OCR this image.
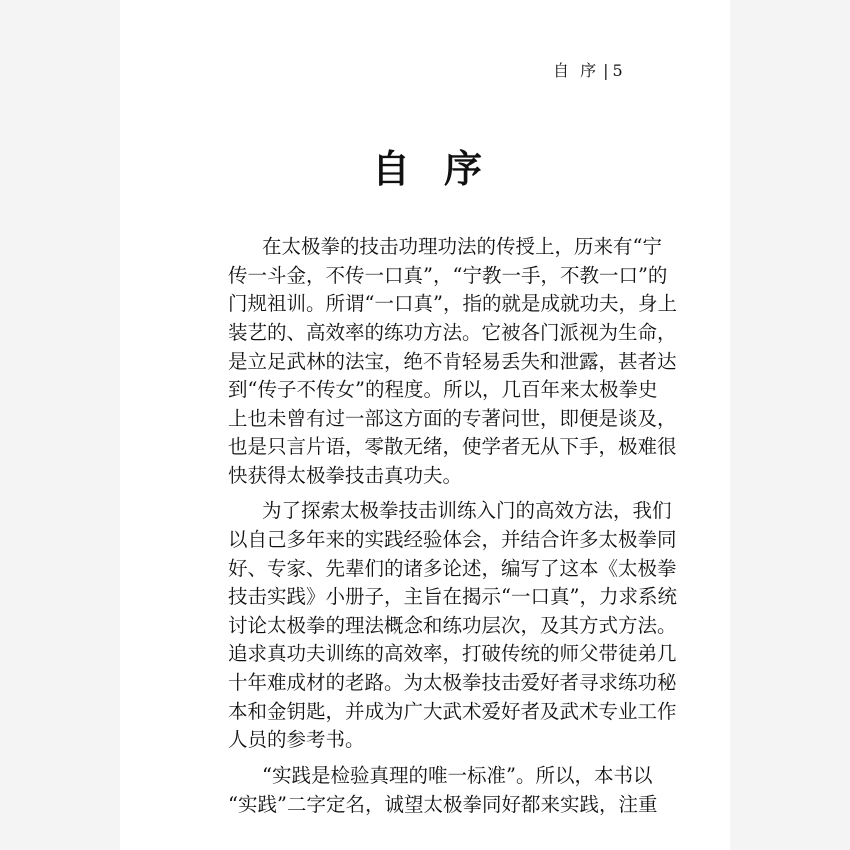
自 序 | 5
自序
在太极拳的技击功理功法的传授上，历来有“宁
传一斗金，不传一口真”，“宁教一手，不教一口”的
门规祖训。所谓“一口真”，指的就是成就功夫，身上
装艺的、高效率的练功方法。它被各门派视为生命，
是立足武林的法宝，绝不肯轻易丢失和泄露，甚者达
到“传子不传女”的程度。所以，几百年来太极拳史
上也未曾有过一部这方面的专著问世，即便是谈及，
也是只言片语，零散无绪，使学者无从下手，极难很
快获得太极拳技击真功夫。
为了探索太极拳技击训练入门的高效方法，我们
以自己多年来的实践经验体会，并结合许多太极拳同
好、专家、先辈们的诸多论述，编写了这本《太极拳
技击实践》小册子，主旨在揭示“一口真”，力求系统
讨论太极拳的理法概念和练功层次，及其方式方法。
追求真功夫训练的高效率，打破传统的师父带徒弟几
十年难成材的老路。为太极拳技击爱好者寻求练功秘
本和金钥匙，并成为广大武术爱好者及武术专业工作
人员的参考书。
“实践是检验真理的唯一标准”。所以，本书以
“实践”二字定名，诚望太极拳同好都来实践，注重
